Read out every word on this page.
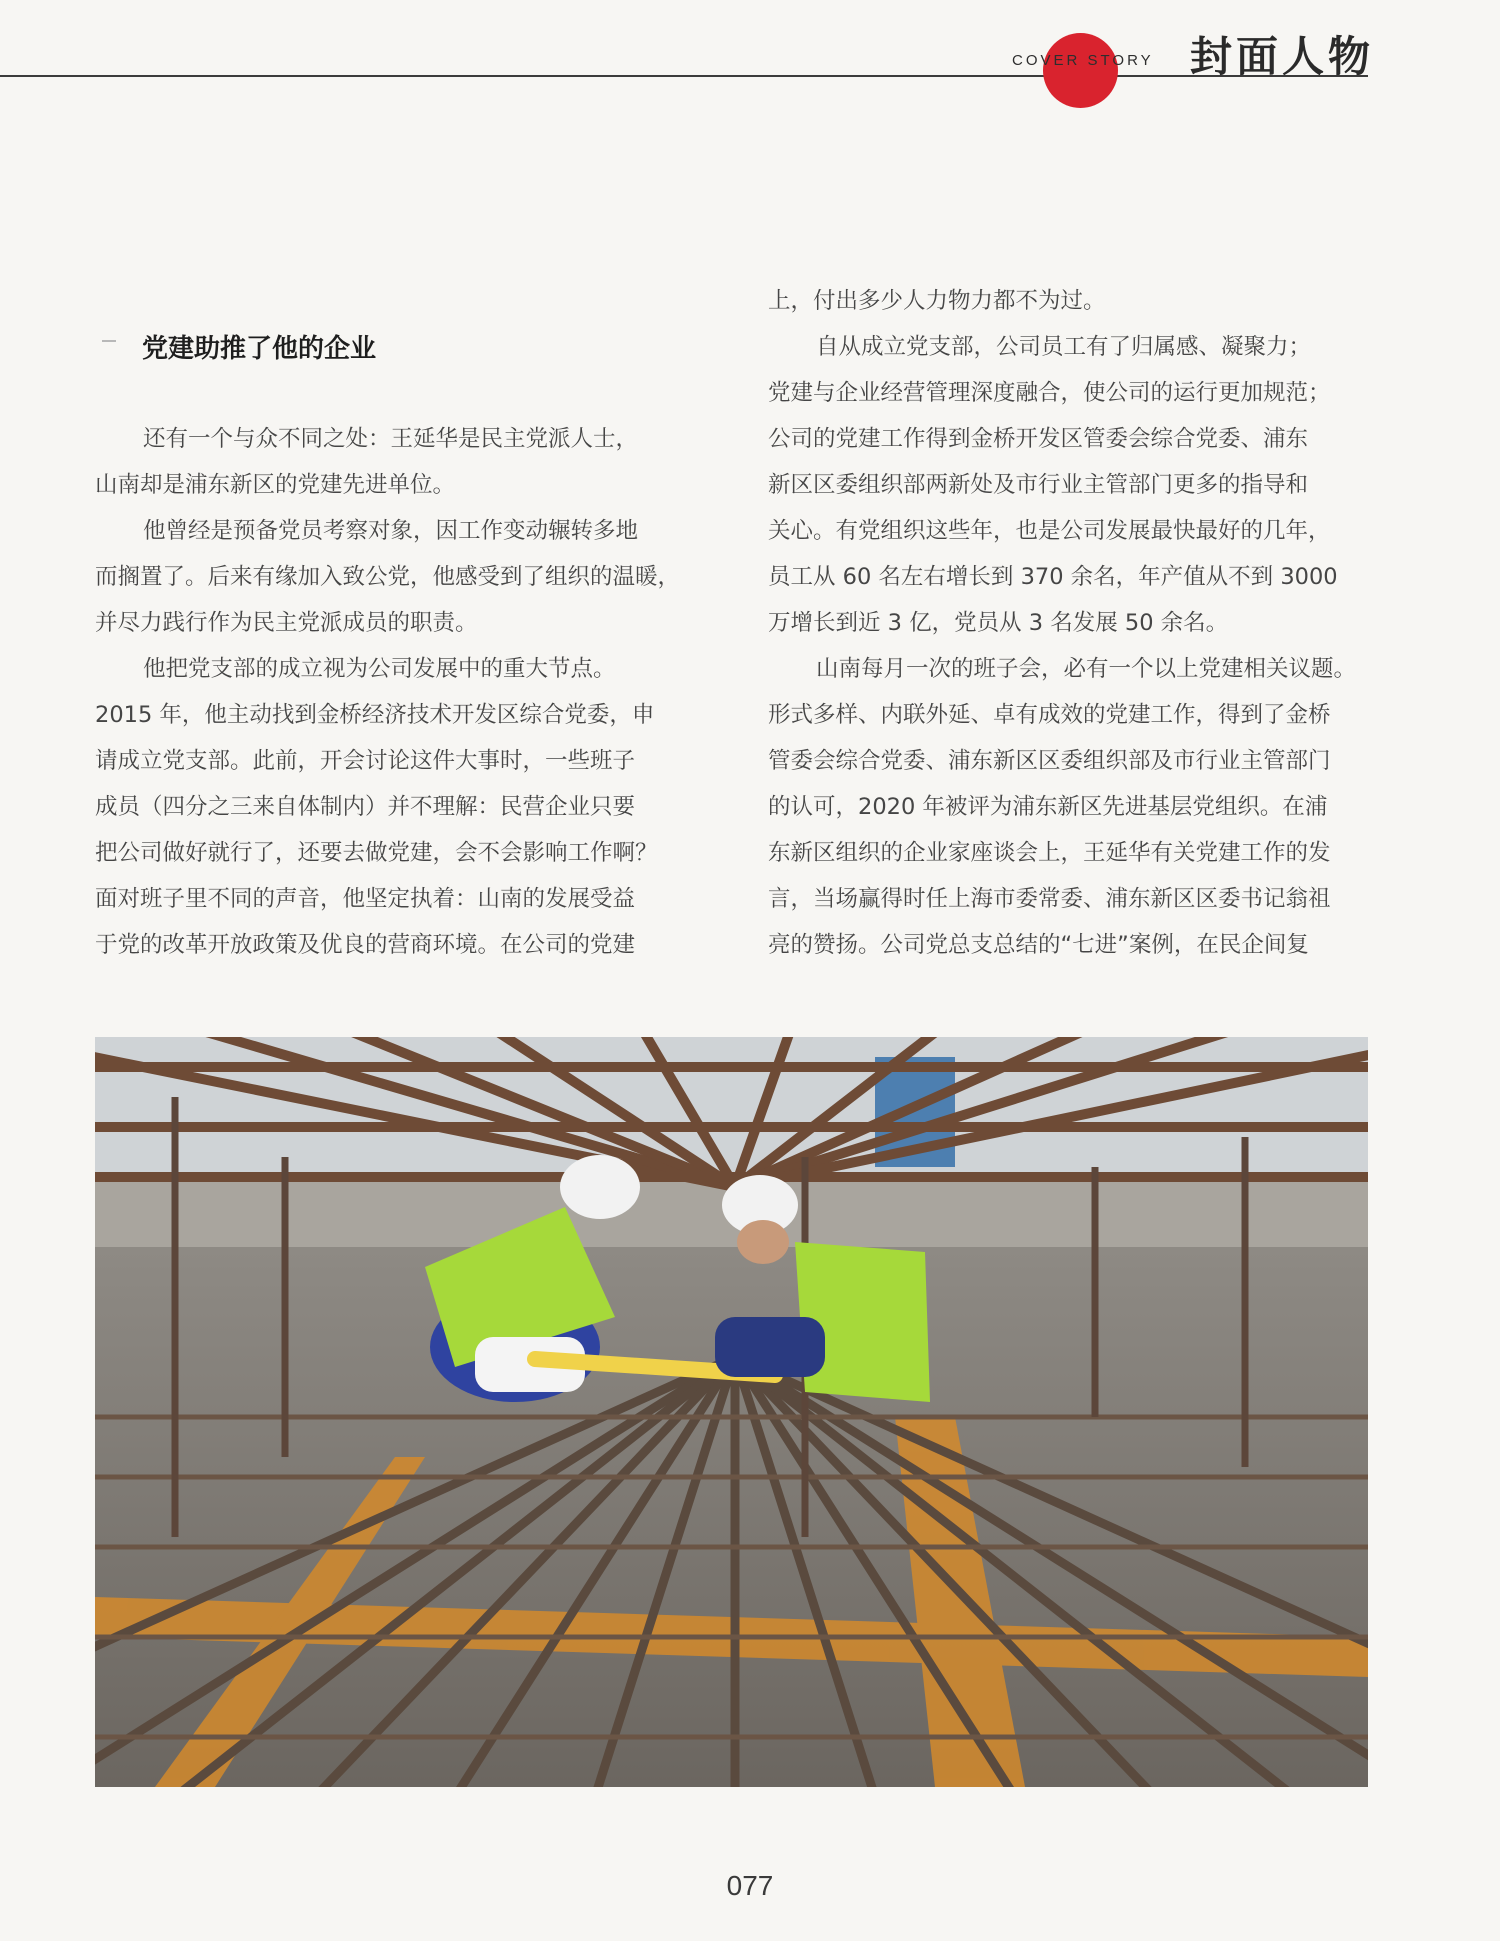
COVER STORY 封面人物
党建助推了他的企业

还有一个与众不同之处：王延华是民主党派人士，

山南却是浦东新区的党建先进单位。

他曾经是预备党员考察对象，因工作变动辗转多地

而搁置了。后来有缘加入致公党，他感受到了组织的温暖，

并尽力践行作为民主党派成员的职责。

他把党支部的成立视为公司发展中的重大节点。

2015 年，他主动找到金桥经济技术开发区综合党委，申

请成立党支部。此前，开会讨论这件大事时，一些班子

成员（四分之三来自体制内）并不理解：民营企业只要

把公司做好就行了，还要去做党建，会不会影响工作啊？

面对班子里不同的声音，他坚定执着：山南的发展受益

于党的改革开放政策及优良的营商环境。在公司的党建

上，付出多少人力物力都不为过。

自从成立党支部，公司员工有了归属感、凝聚力；

党建与企业经营管理深度融合，使公司的运行更加规范；

公司的党建工作得到金桥开发区管委会综合党委、浦东

新区区委组织部两新处及市行业主管部门更多的指导和

关心。有党组织这些年，也是公司发展最快最好的几年，

员工从 60 名左右增长到 370 余名，年产值从不到 3000

万增长到近 3 亿，党员从 3 名发展 50 余名。

山南每月一次的班子会，必有一个以上党建相关议题。

形式多样、内联外延、卓有成效的党建工作，得到了金桥

管委会综合党委、浦东新区区委组织部及市行业主管部门

的认可，2020 年被评为浦东新区先进基层党组织。在浦

东新区组织的企业家座谈会上，王延华有关党建工作的发

言，当场赢得时任上海市委常委、浦东新区区委书记翁祖

亮的赞扬。公司党总支总结的“七进”案例，在民企间复

077
